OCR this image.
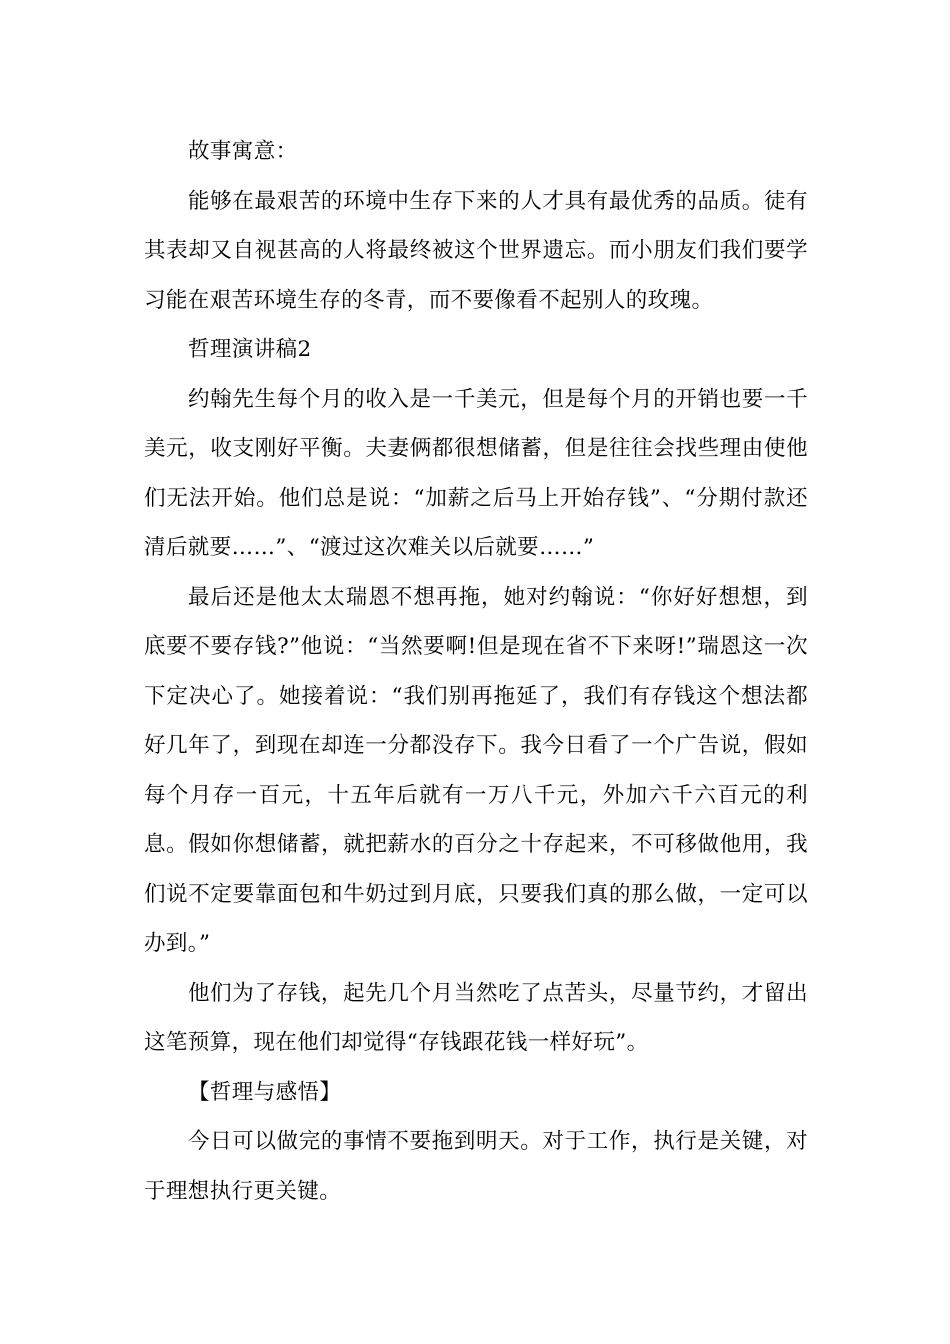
故事寓意：

能够在最艰苦的环境中生存下来的人才具有最优秀的品质。徒有其表却又自视甚高的人将最终被这个世界遗忘。而小朋友们我们要学习能在艰苦环境生存的冬青，而不要像看不起别人的玫瑰。

哲理演讲稿2

约翰先生每个月的收入是一千美元，但是每个月的开销也要一千美元，收支刚好平衡。夫妻俩都很想储蓄，但是往往会找些理由使他们无法开始。他们总是说：“加薪之后马上开始存钱”、“分期付款还清后就要……”、“渡过这次难关以后就要……”

最后还是他太太瑞恩不想再拖，她对约翰说：“你好好想想，到底要不要存钱?”他说：“当然要啊!但是现在省不下来呀!”瑞恩这一次下定决心了。她接着说：“我们别再拖延了，我们有存钱这个想法都好几年了，到现在却连一分都没存下。我今日看了一个广告说，假如每个月存一百元，十五年后就有一万八千元，外加六千六百元的利息。假如你想储蓄，就把薪水的百分之十存起来，不可移做他用，我们说不定要靠面包和牛奶过到月底，只要我们真的那么做，一定可以办到。”

他们为了存钱，起先几个月当然吃了点苦头，尽量节约，才留出这笔预算，现在他们却觉得“存钱跟花钱一样好玩”。

【哲理与感悟】

今日可以做完的事情不要拖到明天。对于工作，执行是关键，对于理想执行更关键。
